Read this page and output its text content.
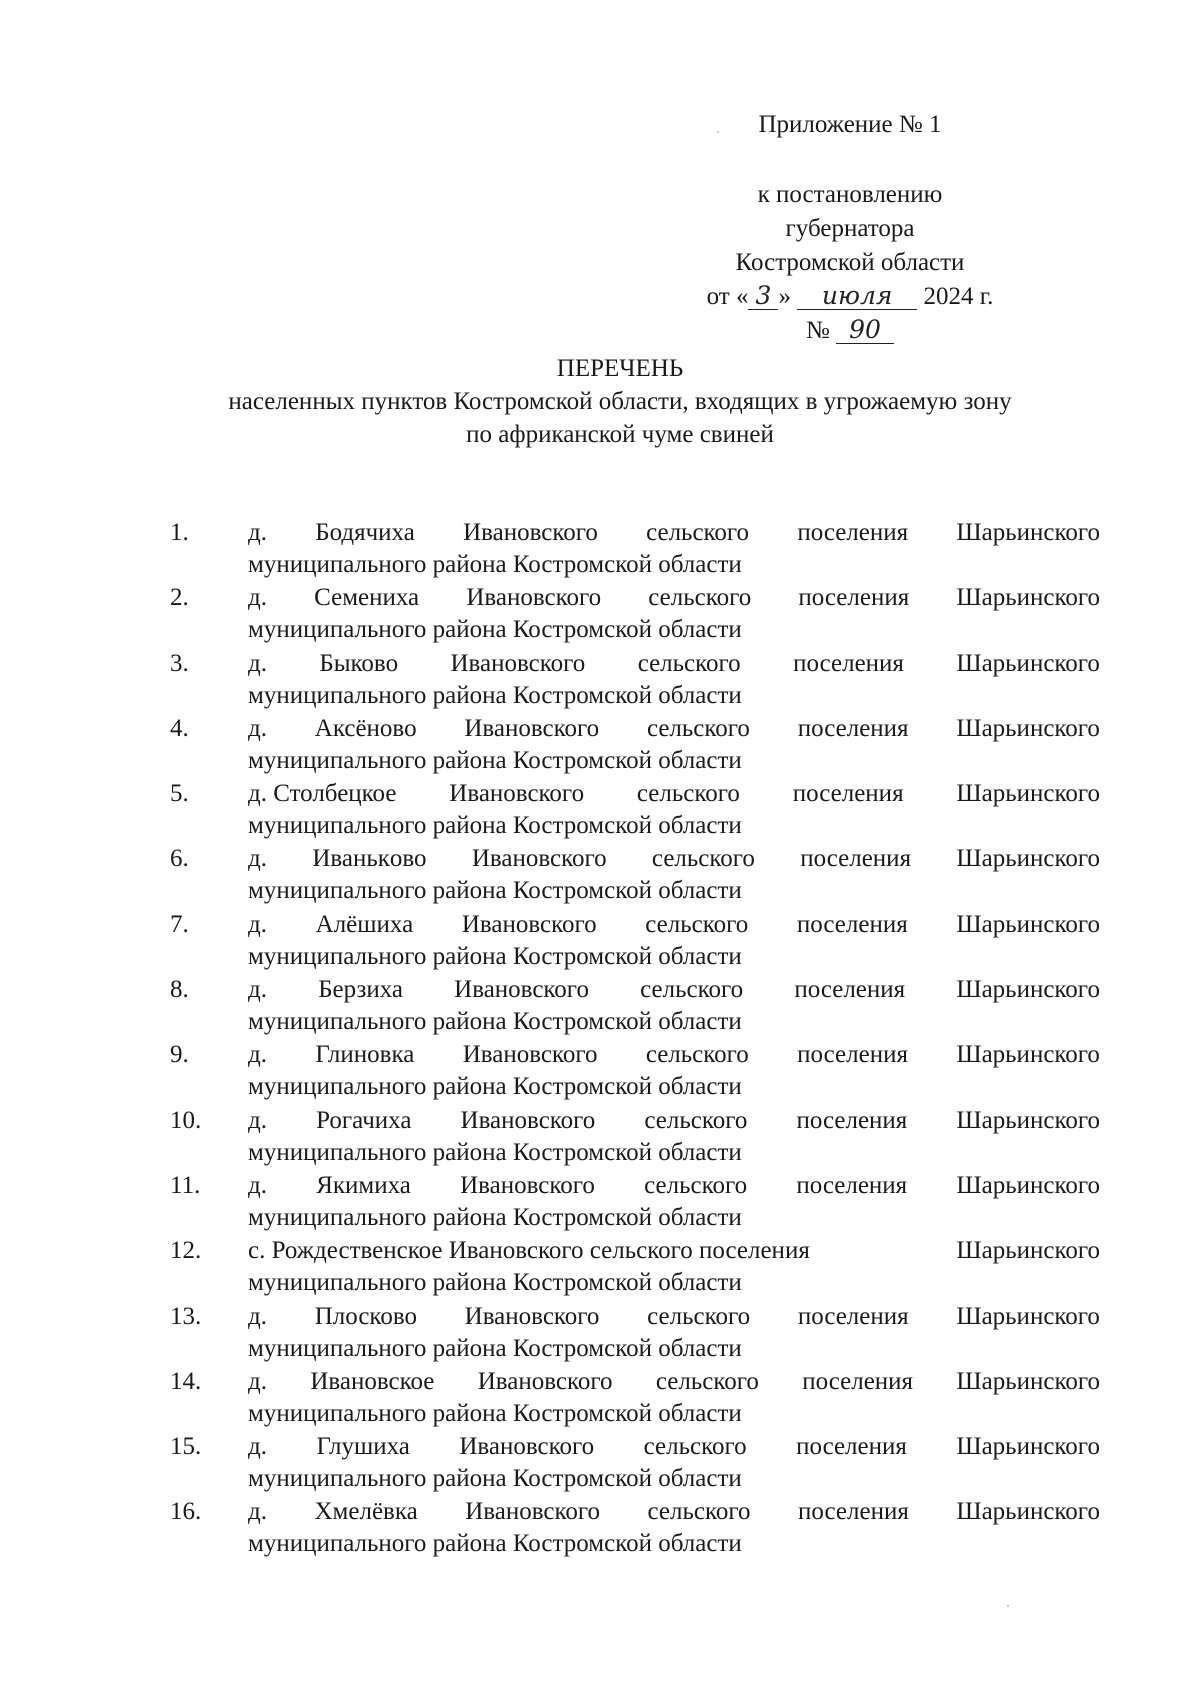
Приложение № 1
к постановлению губернатора
Костромской области
от « 3 » июля 2024 г. № 90
ПЕРЕЧЕНЬ
населенных пунктов Костромской области, входящих в угрожаемую зону
по африканской чуме свиней
1. д. Бодячиха Ивановского сельского поселения Шарьинского
муниципального района Костромской области
2. д. Семениха Ивановского сельского поселения Шарьинского
муниципального района Костромской области
3. д. Быково Ивановского сельского поселения Шарьинского
муниципального района Костромской области
4. д. Аксёново Ивановского сельского поселения Шарьинского
муниципального района Костромской области
5. д. Столбецкое Ивановского сельского поселения Шарьинского
муниципального района Костромской области
6. д. Иванькoво Ивановского сельского поселения Шарьинского
муниципального района Костромской области
7. д. Алёшиха Ивановского сельского поселения Шарьинского
муниципального района Костромской области
8. д. Берзиха Ивановского сельского поселения Шарьинского
муниципального района Костромской области
9. д. Глиновка Ивановского сельского поселения Шарьинского
муниципального района Костромской области
10. д. Рогачиха Ивановского сельского поселения Шарьинского
муниципального района Костромской области
11. д. Якимиха Ивановского сельского поселения Шарьинского
муниципального района Костромской области
12. с. Рождественское Ивановского сельского поселения	Шарьинского
муниципального района Костромской области
13. д. Плосково Ивановского сельского поселения Шарьинского
муниципального района Костромской области
14. д. Ивановское Ивановского сельского поселения Шарьинского
муниципального района Костромской области
15. д. Глушиха Ивановского сельского поселения Шарьинского
муниципального района Костромской области
16. д. Хмелёвка Ивановского сельского поселения Шарьинского
муниципального района Костромской области
